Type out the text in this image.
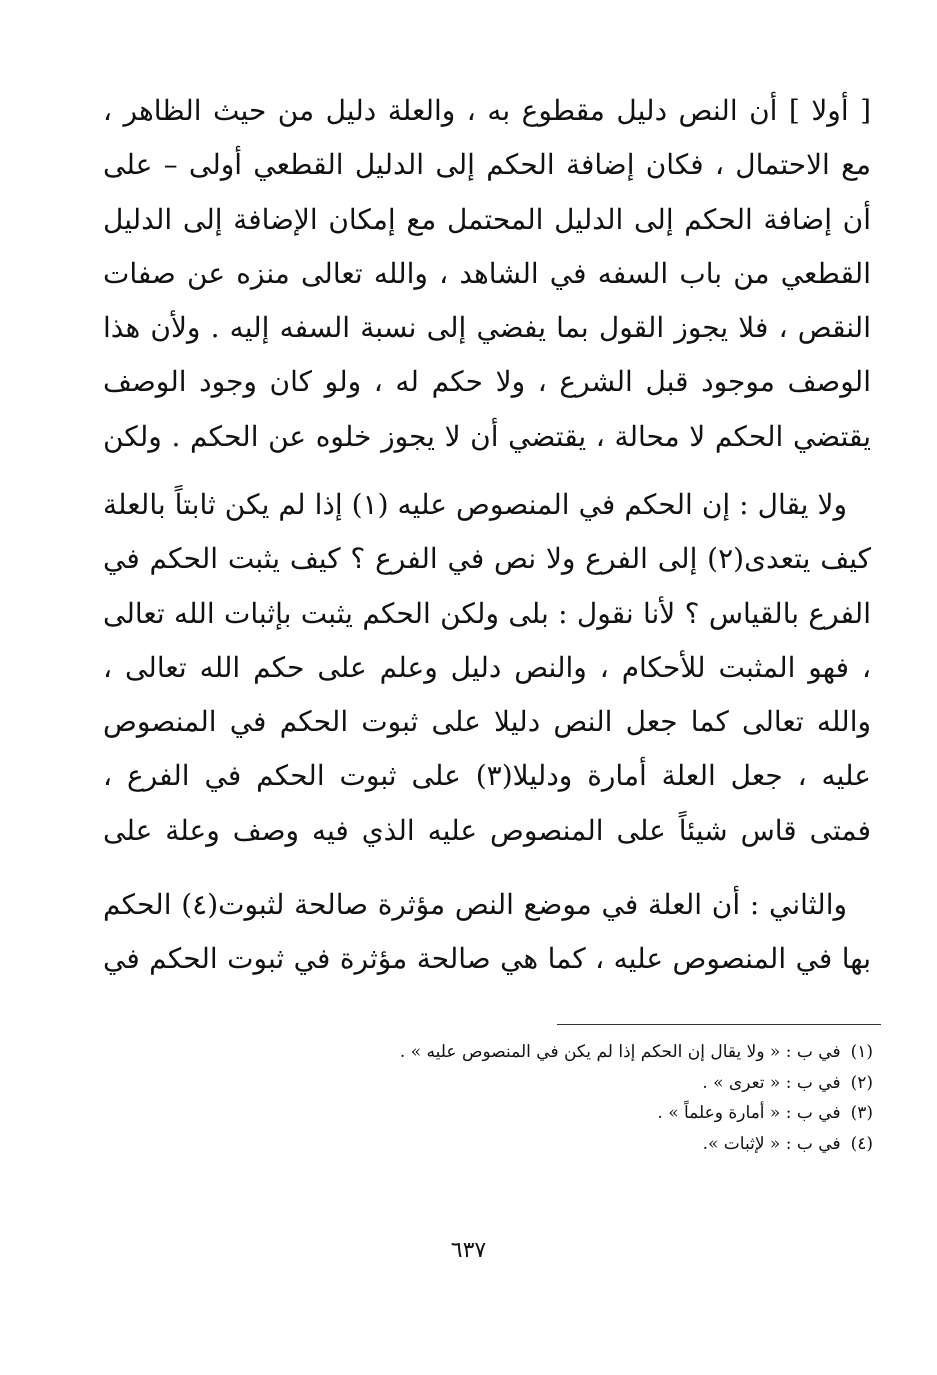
[ أولا ] أن النص دليل مقطوع به ، والعلة دليل من حيث الظاهر ، مع الاحتمال ، فكان إضافة الحكم إلى الدليل القطعي أولى – على أن إضافة الحكم إلى الدليل المحتمل مع إمكان الإضافة إلى الدليل القطعي من باب السفه في الشاهد ، والله تعالى منزه عن صفات النقص ، فلا يجوز القول بما يفضي إلى نسبة السفه إليه . ولأن هذا الوصف موجود قبل الشرع ، ولا حكم له ، ولو كان وجود الوصف يقتضي الحكم لا محالة ، يقتضي أن لا يجوز خلوه عن الحكم . ولكن

ولا يقال : إن الحكم في المنصوص عليه (١) إذا لم يكن ثابتاً بالعلة كيف يتعدى(٢) إلى الفرع ولا نص في الفرع ؟ كيف يثبت الحكم في الفرع بالقياس ؟ لأنا نقول : بلى ولكن الحكم يثبت بإثبات الله تعالى ، فهو المثبت للأحكام ، والنص دليل وعلم على حكم الله تعالى ، والله تعالى كما جعل النص دليلا على ثبوت الحكم في المنصوص عليه ، جعل العلة أمارة ودليلا(٣) على ثبوت الحكم في الفرع ، فمتى قاس شيئاً على المنصوص عليه الذي فيه وصف وعلة على

والثاني : أن العلة في موضع النص مؤثرة صالحة لثبوت(٤) الحكم بها في المنصوص عليه ، كما هي صالحة مؤثرة في ثبوت الحكم في

(١)في ب : « ولا يقال إن الحكم إذا لم يكن في المنصوص عليه » .

(٢)في ب : « تعرى » .

(٣)في ب : « أمارة وعلماً » .

(٤)في ب : « لإثبات ».

٦٣٧
